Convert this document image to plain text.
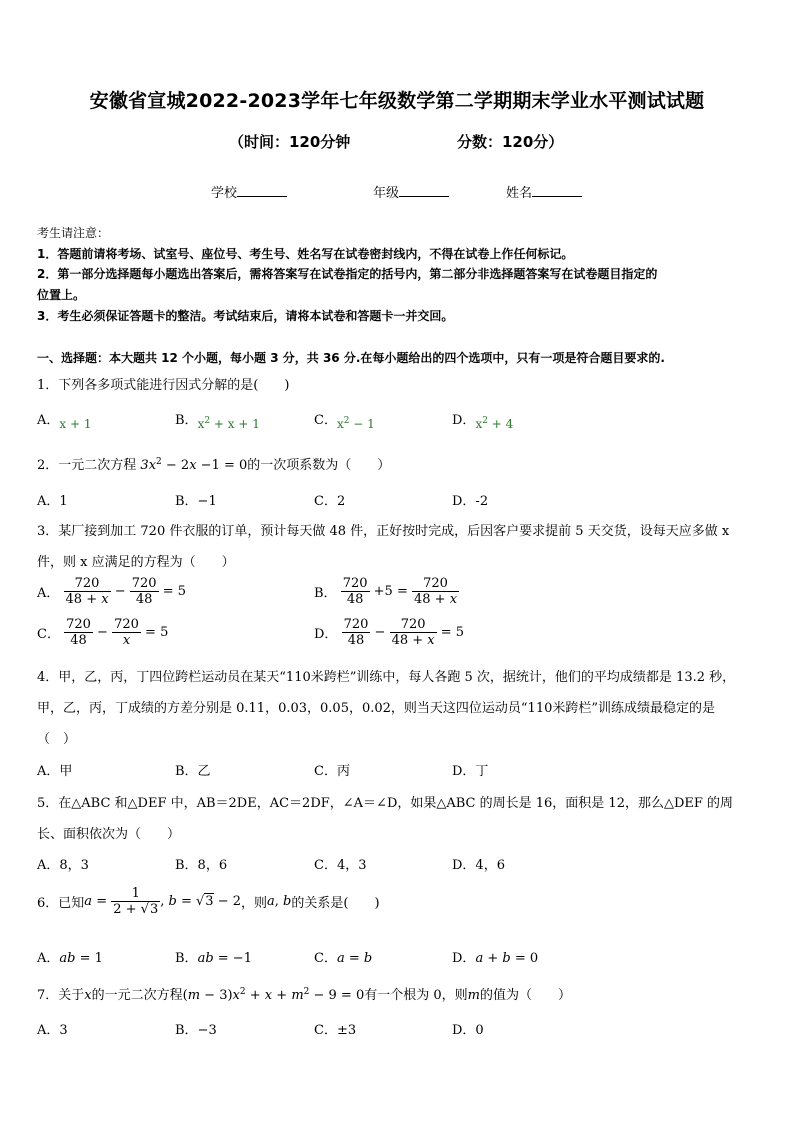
安徽省宣城2022-2023学年七年级数学第二学期期末学业水平测试试题
（时间：120分钟	分数：120分）
学校	年级	姓名
考生请注意：
1．答题前请将考场、试室号、座位号、考生号、姓名写在试卷密封线内，不得在试卷上作任何标记。
2．第一部分选择题每小题选出答案后，需将答案写在试卷指定的括号内，第二部分非选择题答案写在试卷题目指定的
位置上。
3．考生必须保证答题卡的整洁。考试结束后，请将本试卷和答题卡一并交回。
一、选择题：本大题共 12 个小题，每小题 3 分，共 36 分.在每小题给出的四个选项中，只有一项是符合题目要求的.
1．下列各多项式能进行因式分解的是(　　)
A．x + 1	B．$x^2 + x + 1$	C．$x^2 - 1$	D．$x^2 + 4$
2．一元二次方程 $3x^2 - 2x -1 = 0$的一次项系数为（　　）
A．1	B．−1	C．2	D．-2
3．某厂接到加工 720 件衣服的订单，预计每天做 48 件，正好按时完成，后因客户要求提前 5 天交货，设每天应多做 x
件，则 x 应满足的方程为（　　）
A． $\frac{720}{48 + x} - \frac{720}{48} = 5$	B． $\frac{720}{48} +5 = \frac{720}{48 + x}$
C． $\frac{720}{48} - \frac{720}{x} = 5$	D． $\frac{720}{48} - \frac{720}{48 + x} = 5$
4．甲，乙，丙，丁四位跨栏运动员在某天“110米跨栏”训练中，每人各跑 5 次，据统计，他们的平均成绩都是 13.2 秒，
甲，乙，丙，丁成绩的方差分别是 0.11，0.03，0.05，0.02，则当天这四位运动员“110米跨栏”训练成绩最稳定的是
（　）
A．甲	B．乙	C．丙	D．丁
5．在△ABC 和△DEF 中，AB＝2DE，AC＝2DF，∠A＝∠D，如果△ABC 的周长是 16，面积是 12，那么△DEF 的周
长、面积依次为（　　）
A．8，3	B．8，6	C．4，3	D．4，6
6．已知$a = \frac{1}{2 + √3}$ , b = √3 − 2，则a, b的关系是(　　)
A．ab = 1	B．ab = −1	C．a = b	D．a + b = 0
7．关于x的一元二次方程$(m - 3)x^2 + x + m^2 - 9 = 0$有一个根为 0，则m的值为（　　）
A．3	B．−3	C．±3	D．0
